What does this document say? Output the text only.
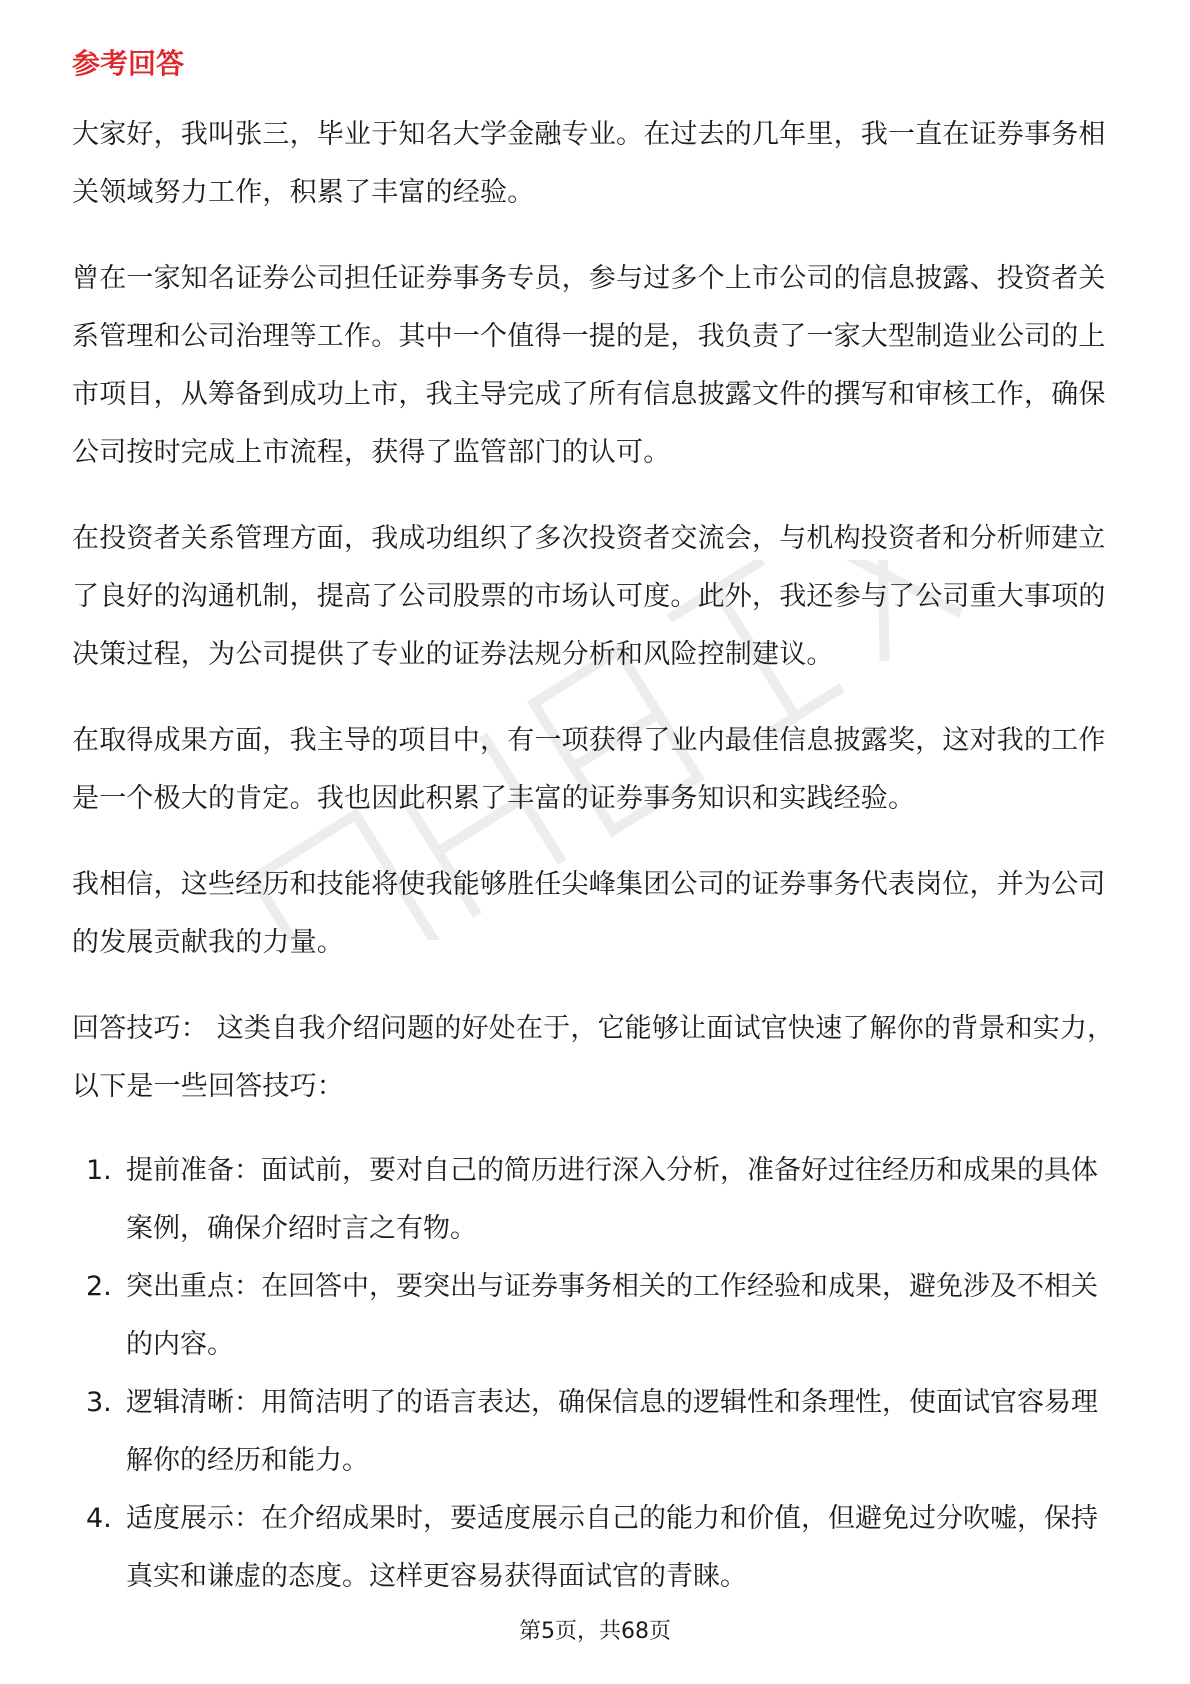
参考回答

大家好，我叫张三，毕业于知名大学金融专业。在过去的几年里，我一直在证券事务相关领域努力工作，积累了丰富的经验。

曾在一家知名证券公司担任证券事务专员，参与过多个上市公司的信息披露、投资者关系管理和公司治理等工作。其中一个值得一提的是，我负责了一家大型制造业公司的上市项目，从筹备到成功上市，我主导完成了所有信息披露文件的撰写和审核工作，确保公司按时完成上市流程，获得了监管部门的认可。

在投资者关系管理方面，我成功组织了多次投资者交流会，与机构投资者和分析师建立了良好的沟通机制，提高了公司股票的市场认可度。此外，我还参与了公司重大事项的决策过程，为公司提供了专业的证券法规分析和风险控制建议。

在取得成果方面，我主导的项目中，有一项获得了业内最佳信息披露奖，这对我的工作是一个极大的肯定。我也因此积累了丰富的证券事务知识和实践经验。

我相信，这些经历和技能将使我能够胜任尖峰集团公司的证券事务代表岗位，并为公司的发展贡献我的力量。

回答技巧： 这类自我介绍问题的好处在于，它能够让面试官快速了解你的背景和实力，以下是一些回答技巧：

1. 提前准备：面试前，要对自己的简历进行深入分析，准备好过往经历和成果的具体案例，确保介绍时言之有物。
2. 突出重点：在回答中，要突出与证券事务相关的工作经验和成果，避免涉及不相关的内容。
3. 逻辑清晰：用简洁明了的语言表达，确保信息的逻辑性和条理性，使面试官容易理解你的经历和能力。
4. 适度展示：在介绍成果时，要适度展示自己的能力和价值，但避免过分吹嘘，保持真实和谦虚的态度。这样更容易获得面试官的青睐。
第5页，共68页
